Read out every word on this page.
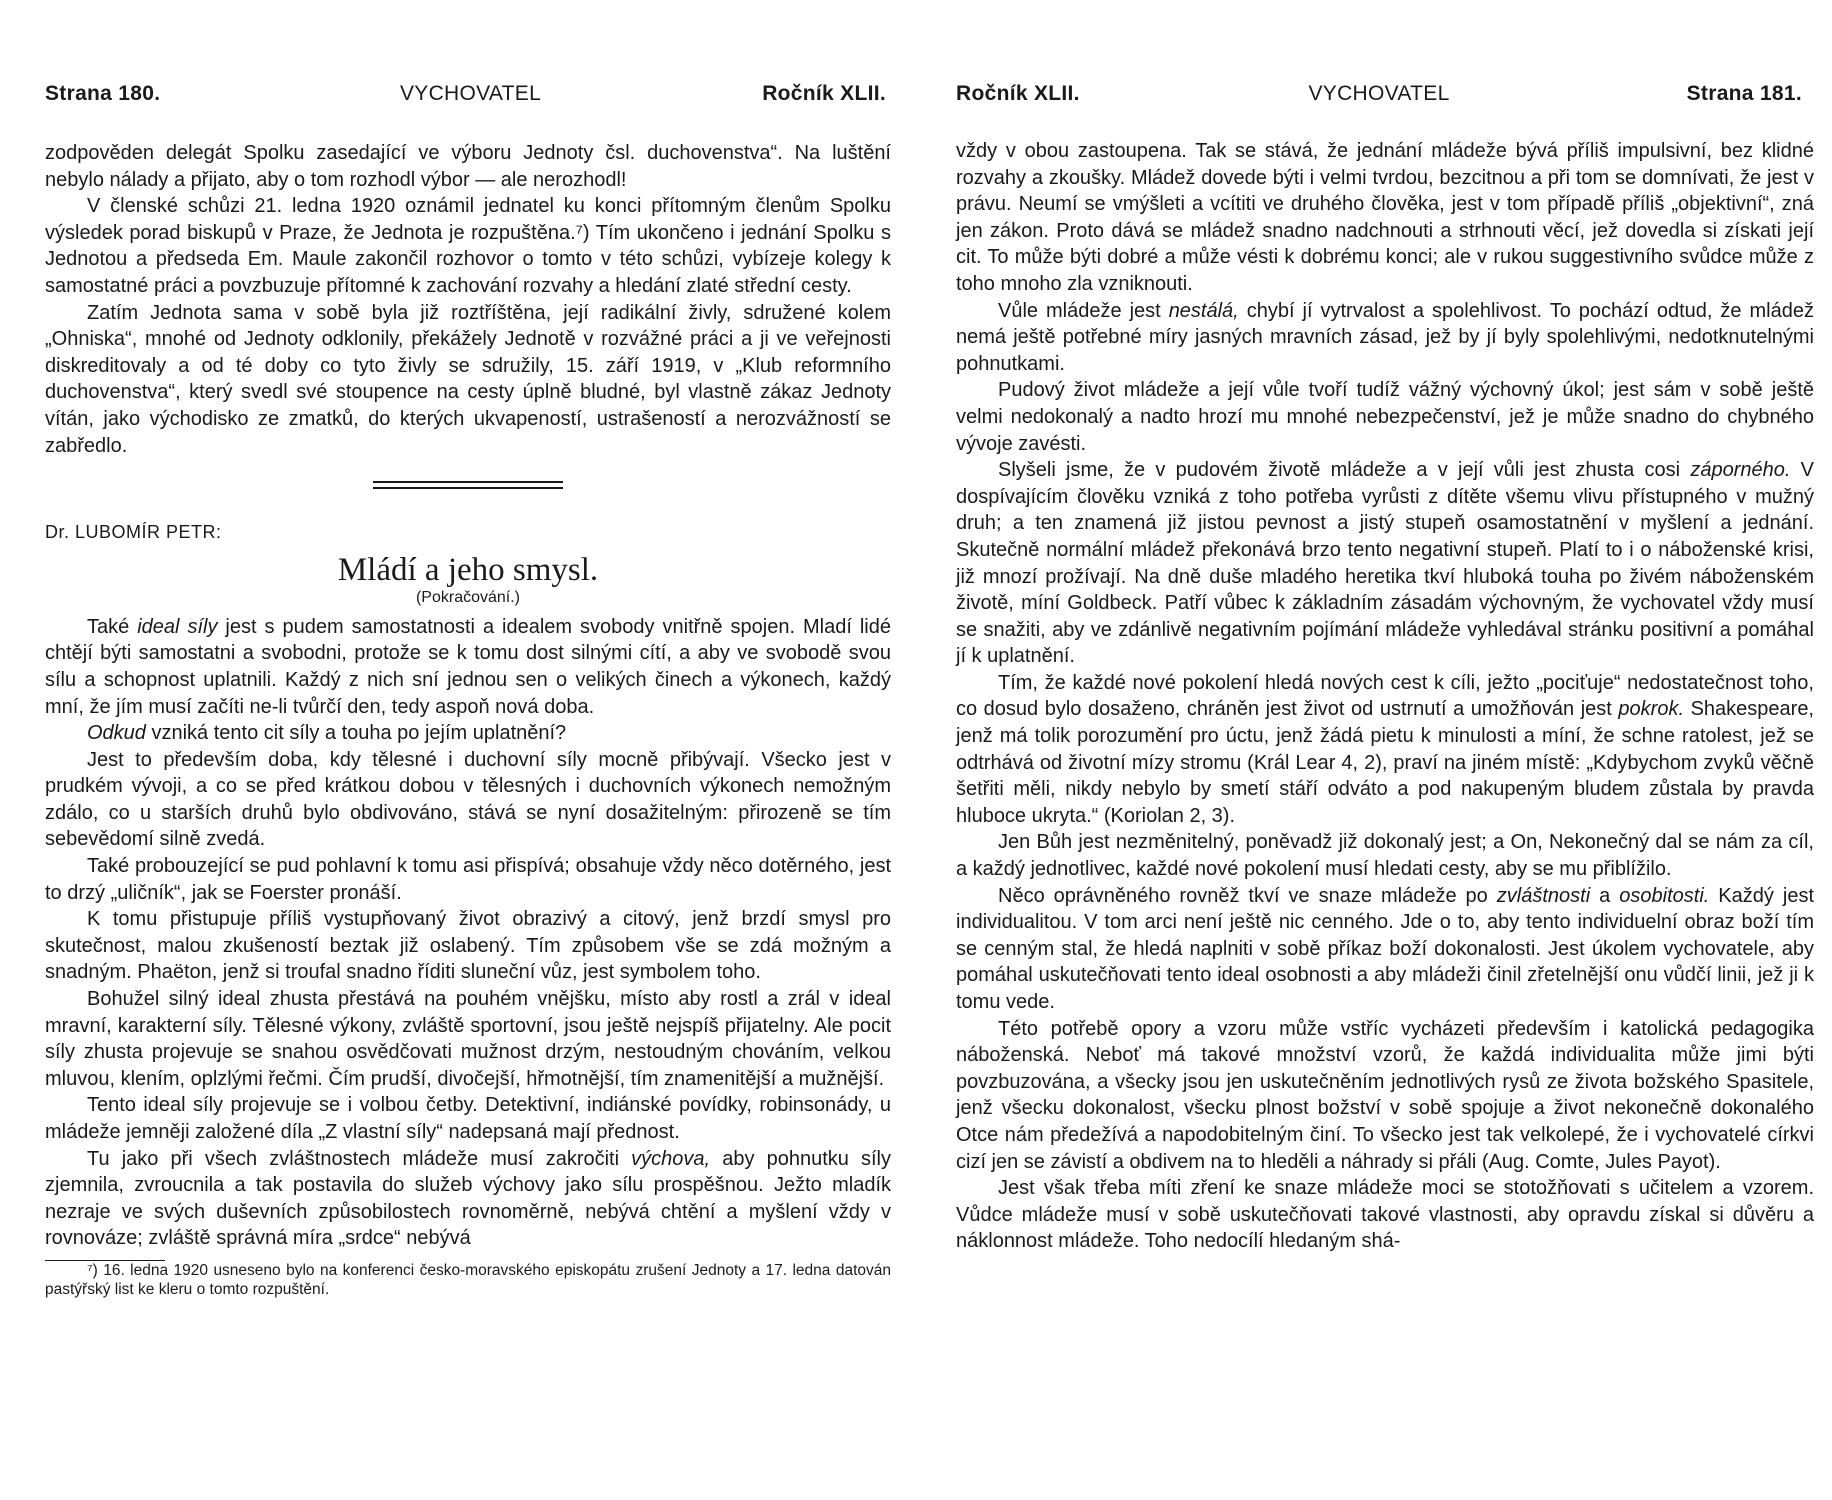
Strana 180.	VYCHOVATEL	Ročník XLII.

zodpověden delegát Spolku zasedající ve výboru Jednoty čsl. duchovenstva“. Na luštění nebylo nálady a přijato, aby o tom rozhodl výbor — ale nerozhodl!

V členské schůzi 21. ledna 1920 oznámil jednatel ku konci přítomným členům Spolku výsledek porad biskupů v Praze, že Jednota je rozpuštěna.⁷) Tím ukončeno i jednání Spolku s Jednotou a předseda Em. Maule zakončil rozhovor o tomto v této schůzi, vybízeje kolegy k samostatné práci a povzbuzuje přítomné k zachování rozvahy a hledání zlaté střední cesty.

Zatím Jednota sama v sobě byla již roztříštěna, její radikální živly, sdružené kolem „Ohniska“, mnohé od Jednoty odklonily, překážely Jednotě v rozvážné práci a ji ve veřejnosti diskreditovaly a od té doby co tyto živly se sdružily, 15. září 1919, v „Klub reformního duchovenstva“, který svedl své stoupence na cesty úplně bludné, byl vlastně zákaz Jednoty vítán, jako východisko ze zmatků, do kterých ukvapeností, ustrašeností a nerozvážností se zabředlo.

Dr. LUBOMÍR PETR:
Mládí a jeho smysl.
(Pokračování.)

Také ideal síly jest s pudem samostatnosti a idealem svobody vnitřně spojen. Mladí lidé chtějí býti samostatni a svobodni, protože se k tomu dost silnými cítí, a aby ve svobodě svou sílu a schopnost uplatnili. Každý z nich sní jednou sen o velikých činech a výkonech, každý mní, že jím musí začíti ne-li tvůrčí den, tedy aspoň nová doba.

Odkud vzniká tento cit síly a touha po jejím uplatnění?

Jest to především doba, kdy tělesné i duchovní síly mocně přibývají. Všecko jest v prudkém vývoji, a co se před krátkou dobou v tělesných i duchovních výkonech nemožným zdálo, co u starších druhů bylo obdivováno, stává se nyní dosažitelným: přirozeně se tím sebevědomí silně zvedá.

Také probouzející se pud pohlavní k tomu asi přispívá; obsahuje vždy něco dotěrného, jest to drzý „uličník“, jak se Foerster pronáší.

K tomu přistupuje příliš vystupňovaný život obrazivý a citový, jenž brzdí smysl pro skutečnost, malou zkušeností beztak již oslabený. Tím způsobem vše se zdá možným a snadným. Phaëton, jenž si troufal snadno říditi sluneční vůz, jest symbolem toho.

Bohužel silný ideal zhusta přestává na pouhém vnějšku, místo aby rostl a zrál v ideal mravní, karakterní síly. Tělesné výkony, zvláště sportovní, jsou ještě nejspíš přijatelny. Ale pocit síly zhusta projevuje se snahou osvědčovati mužnost drzým, nestoudným chováním, velkou mluvou, klením, oplzlými řečmi. Čím prudší, divočejší, hřmotnější, tím znamenitější a mužnější.

Tento ideal síly projevuje se i volbou četby. Detektivní, indiánské povídky, robinsonády, u mládeže jemněji založené díla „Z vlastní síly“ nadepsaná mají přednost.

Tu jako při všech zvláštnostech mládeže musí zakročiti výchova, aby pohnutku síly zjemnila, zvroucnila a tak postavila do služeb výchovy jako sílu prospěšnou. Ježto mladík nezraje ve svých duševních způsobilostech rovnoměrně, nebývá chtění a myšlení vždy v rovnováze; zvláště správná míra „srdce“ nebývá

⁷) 16. ledna 1920 usneseno bylo na konferenci česko-moravského episkopátu zrušení Jednoty a 17. ledna datován pastýřský list ke kleru o tomto rozpuštění.

Ročník XLII.	VYCHOVATEL	Strana 181.

vždy v obou zastoupena. Tak se stává, že jednání mládeže bývá příliš impulsivní, bez klidné rozvahy a zkoušky. Mládež dovede býti i velmi tvrdou, bezcitnou a při tom se domnívati, že jest v právu. Neumí se vmýšleti a vcítiti ve druhého člověka, jest v tom případě příliš „objektivní“, zná jen zákon. Proto dává se mládež snadno nadchnouti a strhnouti věcí, jež dovedla si získati její cit. To může býti dobré a může vésti k dobrému konci; ale v rukou suggestivního svůdce může z toho mnoho zla vzniknouti.

Vůle mládeže jest nestálá, chybí jí vytrvalost a spolehlivost. To pochází odtud, že mládež nemá ještě potřebné míry jasných mravních zásad, jež by jí byly spolehlivými, nedotknutelnými pohnutkami.

Pudový život mládeže a její vůle tvoří tudíž vážný výchovný úkol; jest sám v sobě ještě velmi nedokonalý a nadto hrozí mu mnohé nebezpečenství, jež je může snadno do chybného vývoje zavésti.

Slyšeli jsme, že v pudovém životě mládeže a v její vůli jest zhusta cosi záporného. V dospívajícím člověku vzniká z toho potřeba vyrůsti z dítěte všemu vlivu přístupného v mužný druh; a ten znamená již jistou pevnost a jistý stupeň osamostatnění v myšlení a jednání. Skutečně normální mládež překonává brzo tento negativní stupeň. Platí to i o náboženské krisi, již mnozí prožívají. Na dně duše mladého heretika tkví hluboká touha po živém náboženském životě, míní Goldbeck. Patří vůbec k základním zásadám výchovným, že vychovatel vždy musí se snažiti, aby ve zdánlivě negativním pojímání mládeže vyhledával stránku positivní a pomáhal jí k uplatnění.

Tím, že každé nové pokolení hledá nových cest k cíli, ježto „pociťuje“ nedostatečnost toho, co dosud bylo dosaženo, chráněn jest život od ustrnutí a umožňován jest pokrok. Shakespeare, jenž má tolik porozumění pro úctu, jenž žádá pietu k minulosti a míní, že schne ratolest, jež se odtrhává od životní mízy stromu (Král Lear 4, 2), praví na jiném místě: „Kdybychom zvyků věčně šetřiti měli, nikdy nebylo by smetí stáří odváto a pod nakupeným bludem zůstala by pravda hluboce ukryta.“ (Koriolan 2, 3).

Jen Bůh jest nezměnitelný, poněvadž již dokonalý jest; a On, Nekonečný dal se nám za cíl, a každý jednotlivec, každé nové pokolení musí hledati cesty, aby se mu přiblížilo.

Něco oprávněného rovněž tkví ve snaze mládeže po zvláštnosti a osobitosti. Každý jest individualitou. V tom arci není ještě nic cenného. Jde o to, aby tento individuelní obraz boží tím se cenným stal, že hledá naplniti v sobě příkaz boží dokonalosti. Jest úkolem vychovatele, aby pomáhal uskutečňovati tento ideal osobnosti a aby mládeži činil zřetelnější onu vůdčí linii, jež ji k tomu vede.

Této potřebě opory a vzoru může vstříc vycházeti především i katolická pedagogika náboženská. Neboť má takové množství vzorů, že každá individualita může jimi býti povzbuzována, a všecky jsou jen uskutečněním jednotlivých rysů ze života božského Spasitele, jenž všecku dokonalost, všecku plnost božství v sobě spojuje a život nekonečně dokonalého Otce nám předežívá a napodobitelným činí. To všecko jest tak velkolepé, že i vychovatelé církvi cizí jen se závistí a obdivem na to hleděli a náhrady si přáli (Aug. Comte, Jules Payot).

Jest však třeba míti zření ke snaze mládeže moci se stotožňovati s učitelem a vzorem. Vůdce mládeže musí v sobě uskutečňovati takové vlastnosti, aby opravdu získal si důvěru a náklonnost mládeže. Toho nedocílí hledaným shá-
